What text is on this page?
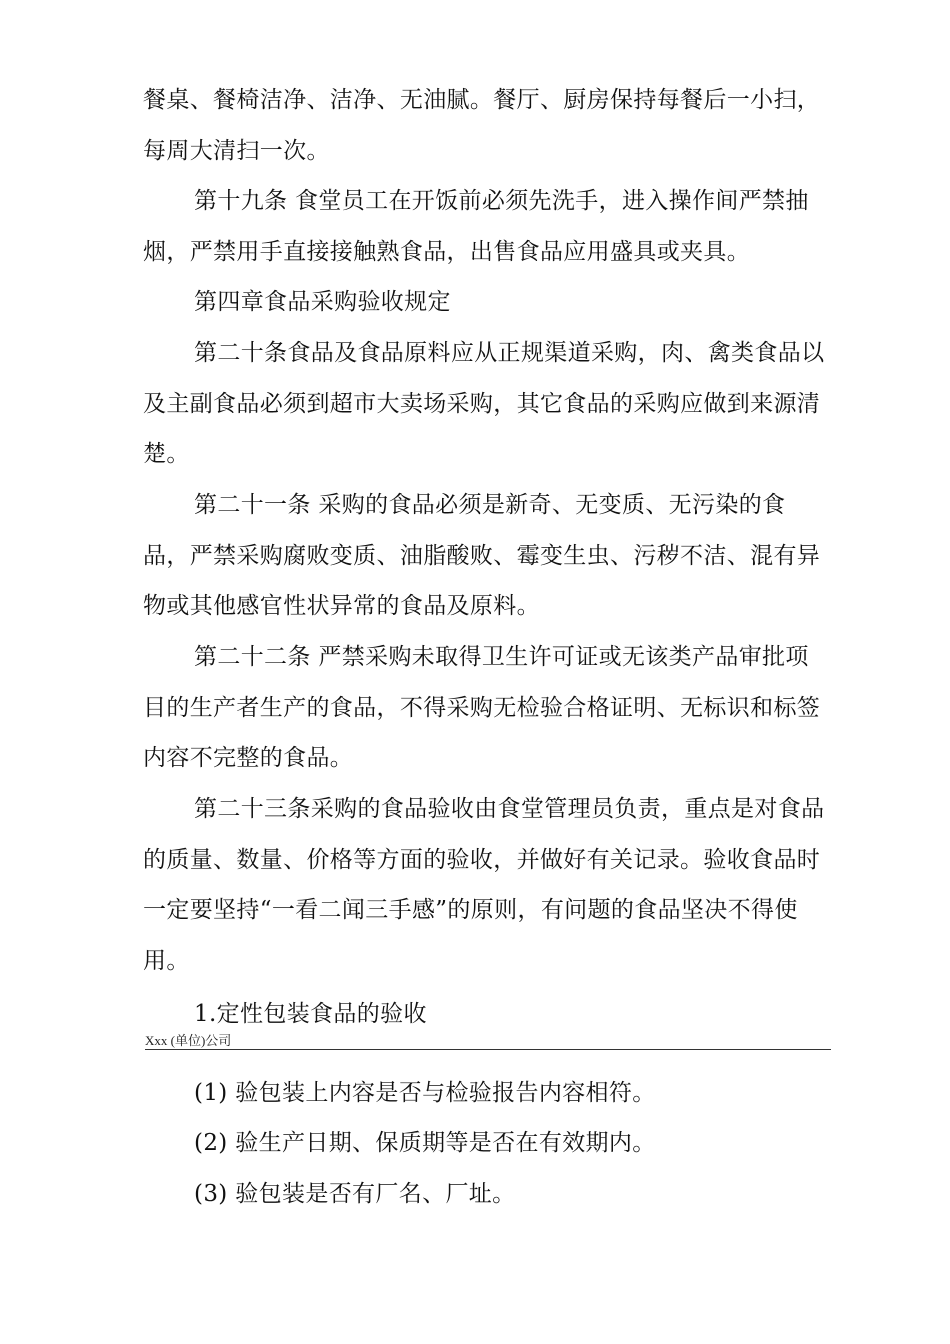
餐桌、餐椅洁净、洁净、无油腻。餐厅、厨房保持每餐后一小扫，
每周大清扫一次。
第十九条 食堂员工在开饭前必须先洗手，进入操作间严禁抽
烟，严禁用手直接接触熟食品，出售食品应用盛具或夹具。
第四章食品采购验收规定
第二十条食品及食品原料应从正规渠道采购，肉、禽类食品以
及主副食品必须到超市大卖场采购，其它食品的采购应做到来源清
楚。
第二十一条 采购的食品必须是新奇、无变质、无污染的食
品，严禁采购腐败变质、油脂酸败、霉变生虫、污秽不洁、混有异
物或其他感官性状异常的食品及原料。
第二十二条 严禁采购未取得卫生许可证或无该类产品审批项
目的生产者生产的食品，不得采购无检验合格证明、无标识和标签
内容不完整的食品。
第二十三条采购的食品验收由食堂管理员负责，重点是对食品
的质量、数量、价格等方面的验收，并做好有关记录。验收食品时
一定要坚持“一看二闻三手感”的原则，有问题的食品坚决不得使
用。
1.定性包装食品的验收
Xxx (单位)公司
(1) 验包装上内容是否与检验报告内容相符。
(2) 验生产日期、保质期等是否在有效期内。
(3) 验包装是否有厂名、厂址。
